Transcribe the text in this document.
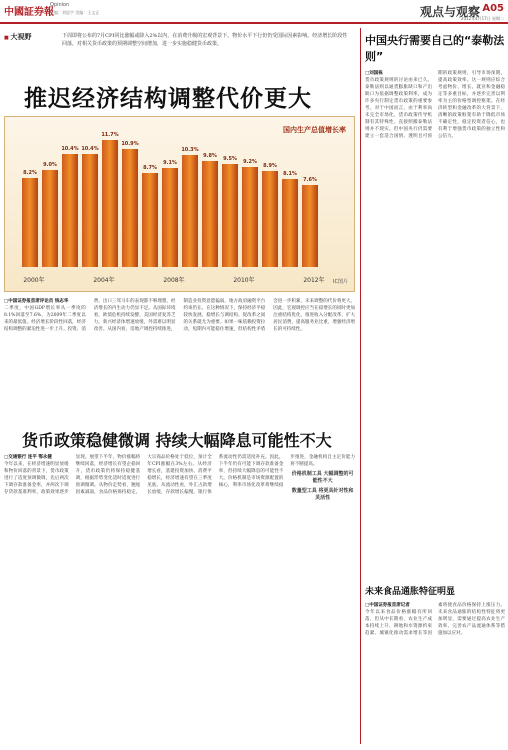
中國証券報
Opinion
主编：刘思宇 美编：王文正	观点与观察 A05
2012年4月17日 星期二
■ 大视野	下周即将公布的7月CPI同比涨幅或降入2%以内，在消费升级的宏观背景下，物价水平下行但仍受国际因素影响。经济增长阶段性回落，对相关货币政策的预期调整空间增加，进一步实施稳健货币政策。

推迟经济结构调整代价更大
国内生产总值增长率
IC图片
8.2%
9.0%
10.4% 10.4%
11.7%
10.9%
8.7%
9.1%
10.3%
9.8%
9.5%
9.2%
8.9%
8.1%
7.6%
2000年	2004年	2008年	2010年	2012年

□中国证券报首席评论员 钱志华

二季度，中国GDP增长率从一季度的8.1%回落至7.6%，为2009年二季度以来的最低值。经济增长阶段性回落，经济结构调整的紧迫性进一步上升。投资、消费、出口三驾马车的表现都不够理想，经济增长的内生动力仍显不足。从国际环境看，欧债危机持续发酵，美国经济复苏乏力，新兴经济体增速放缓，外需难以明显改善。从国内看，房地产调控持续推进，制造业投资意愿偏弱，地方政府融资平台约束仍在。在这种情况下，保持经济平稳较快发展、稳增长与调结构、促改革之间的关系就尤为重要。如果一味依赖投资拉动，短期内可能稳住增速，但结构性矛盾会进一步积累，未来调整的代价将更大。因此，宏观调控应当在稳增长的同时更加注重结构优化，推进收入分配改革，扩大居民消费，提高服务业比重，增强经济增长的可持续性。

货币政策稳健微调 持续大幅降息可能性不大

□交通银行 连平 鄂永健

今年以来，在经济增速明显放缓和物价回落的背景下，货币政策进行了适度预调微调，先后两次下调存款准备金率，并两次下调存贷款基准利率，政策效果逐步显现。展望下半年，物价涨幅将继续回落，经济增长有望企稳回升，货币政策仍将保持稳健基调，根据形势变化适时适度进行预调微调。从物价走势看，翘尾因素减弱，食品价格保持稳定，大宗商品价格处于低位，预计全年CPI涨幅在3%左右。从经济增长看，基建投资加快、消费平稳增长，经济增速有望在三季度见底。从流动性看，外汇占款增长放缓，存款增长偏慢，银行体系流动性仍需适度补充。因此，下半年仍有可能下调存款准备金率，但持续大幅降息的可能性不大。价格机制是市场资源配置的核心，利率市场化改革将继续稳步推进，金融机构自主定价能力将不断提高。

价格机制工具 大幅调整的可能性不大
数量型工具 将更具针对性和灵活性
中国央行需要自己的“泰勒法则”

□刘国栋

货币政策规则的讨论由来已久。泰勒法则以通货膨胀缺口和产出缺口为依据调整政策利率，成为许多央行制定货币政策的重要参考。对于中国而言，由于利率尚未完全市场化，货币政策传导机制有其特殊性，直接照搬泰勒法则并不现实。但中国央行仍需要建立一套适合国情、透明且可预期的政策规则，引导市场预期，提高政策效率。这一规则应综合考虑物价、增长、就业和金融稳定等多重目标，并逐步完善以利率为主的价格型调控框架。在经济转型和金融改革的大背景下，清晰的政策框架有助于降低市场不确定性，稳定投资者信心，也有利于增强货币政策的独立性和公信力。

未来食品通胀特征明显

□中国证券报首席记者

今年以来食品价格涨幅有所回落，但从中长期看，农业生产成本持续上升、耕地和水资源约束趋紧、城镇化推动需求增长等因素将使食品价格保持上涨压力。未来食品通胀的结构性特征将更加明显，需要通过提高农业生产效率、完善农产品流通体系等措施加以应对。
